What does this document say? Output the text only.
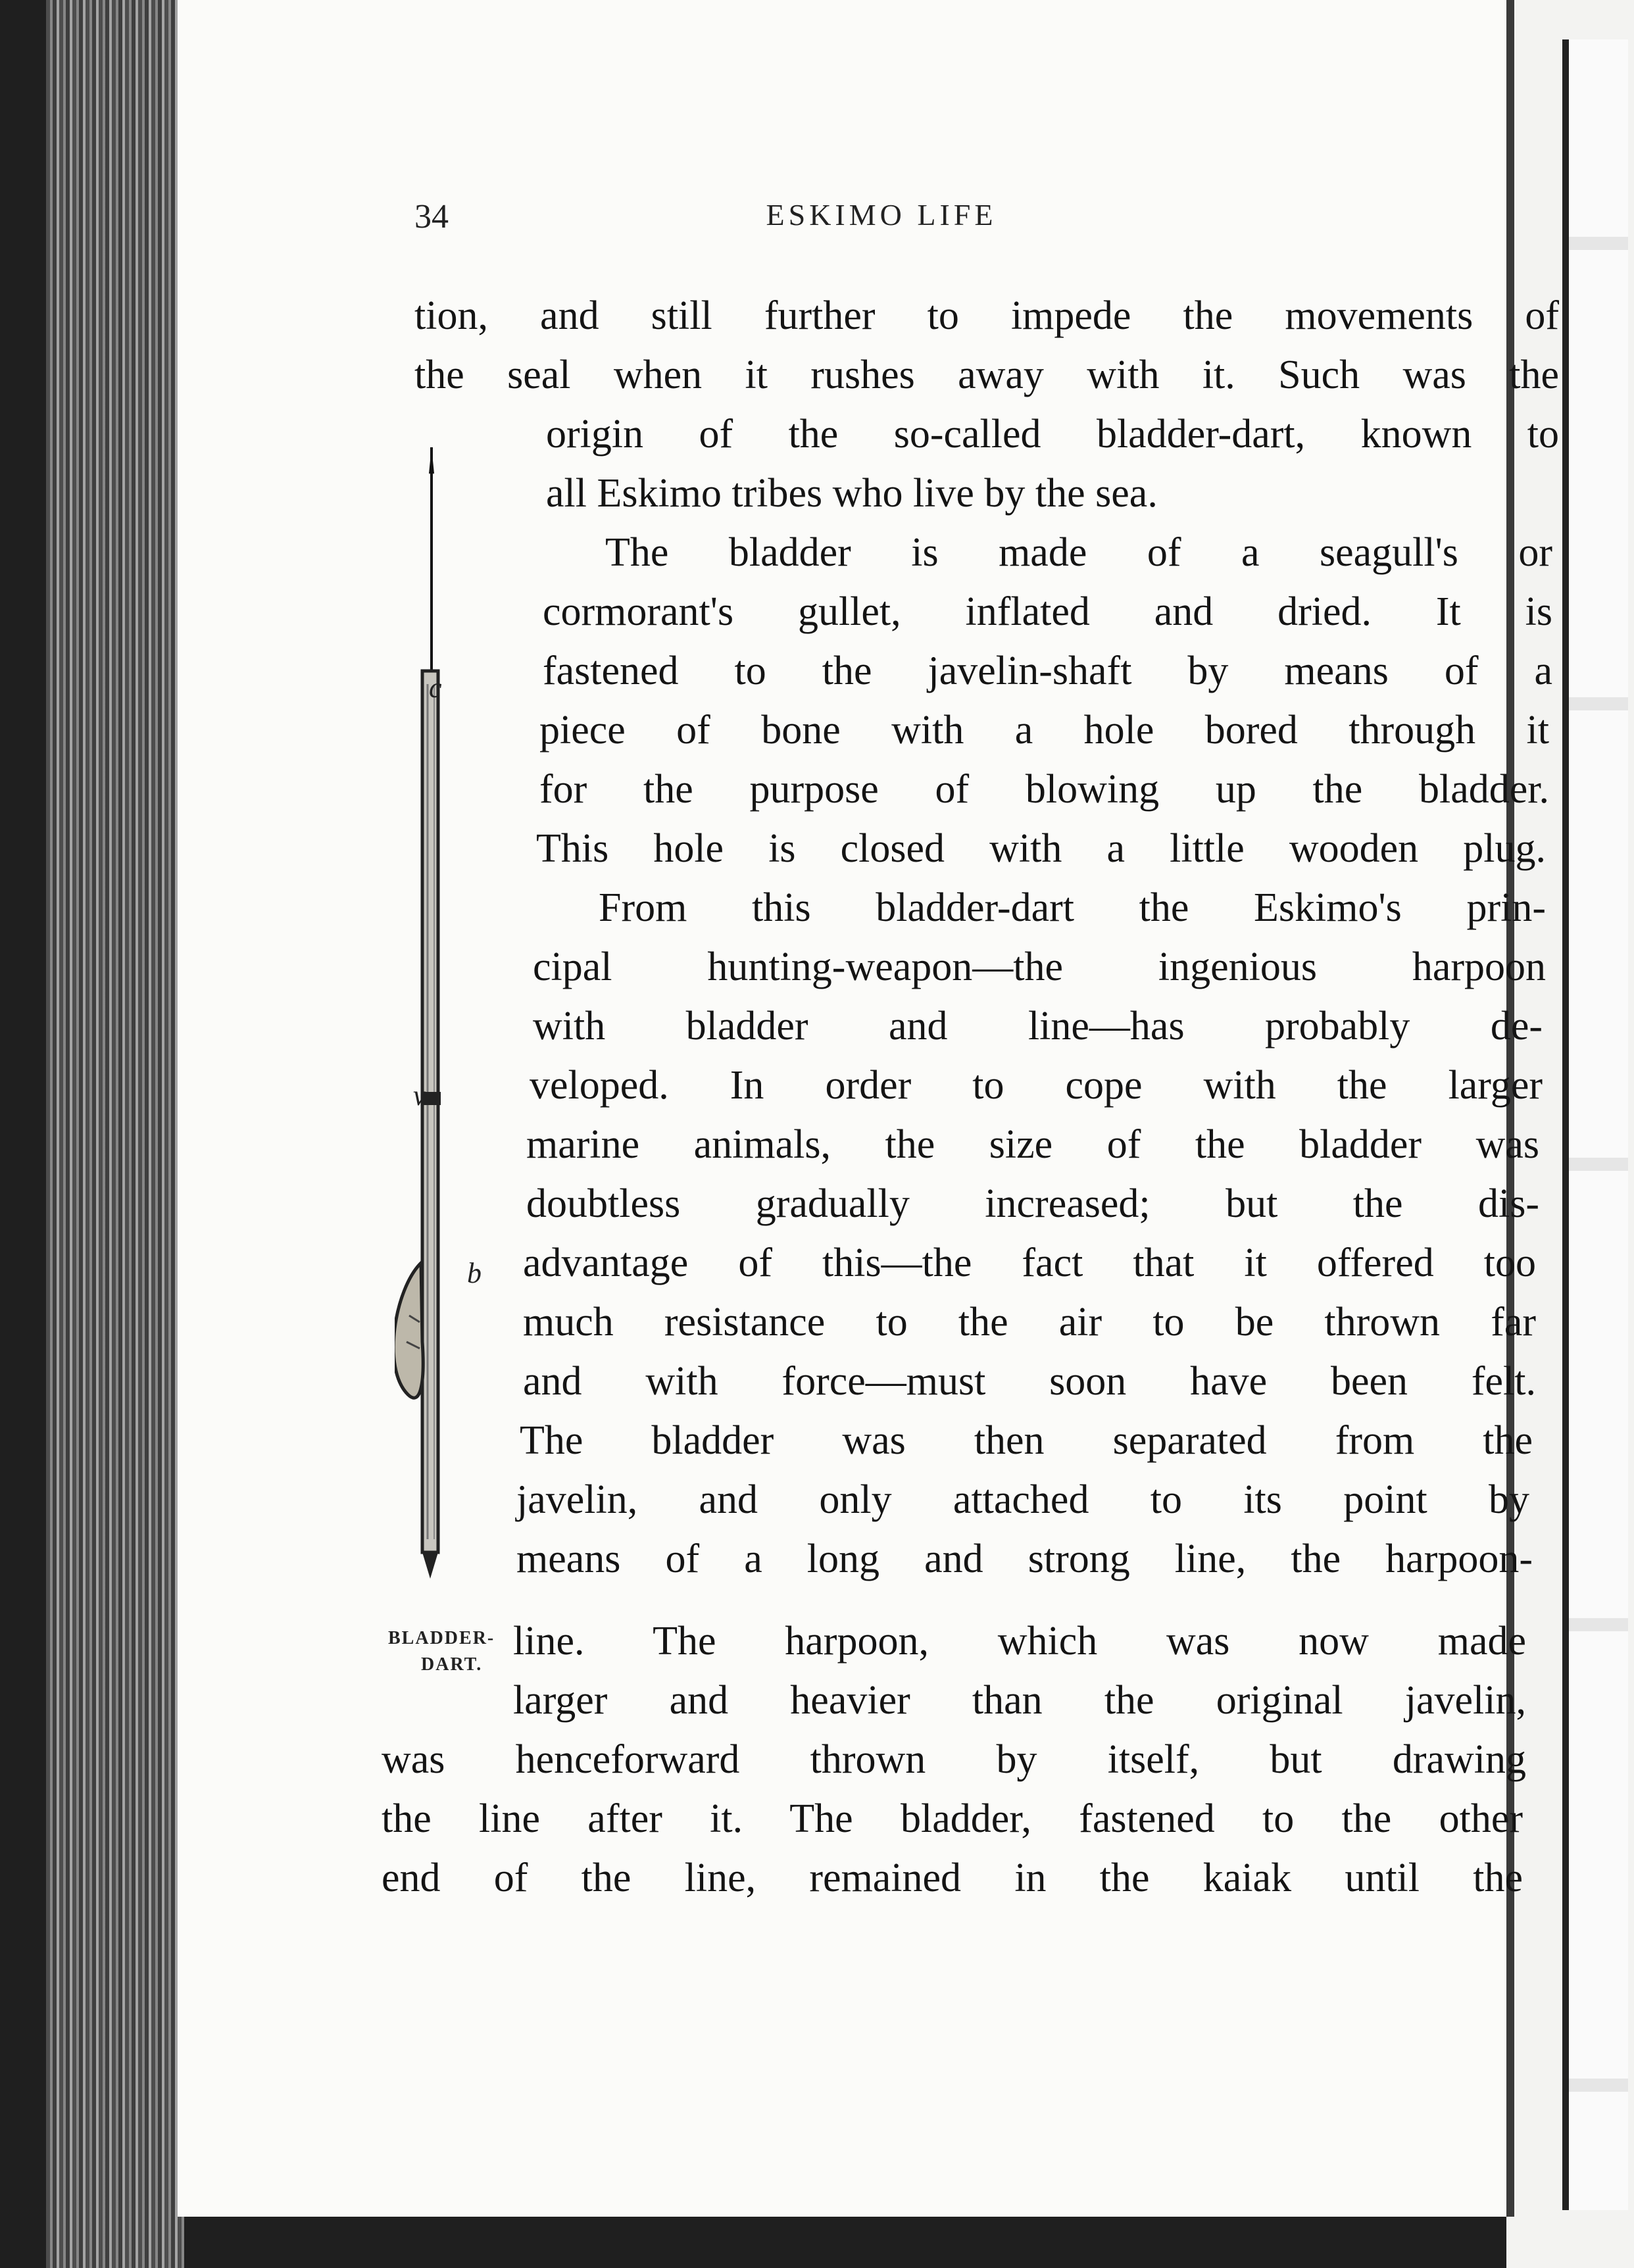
34	ESKIMO LIFE
c
v
b
BLADDER-
DART.
tion, and still further to impede the movements of
the seal when it rushes away with it. Such was the
origin of the so-called bladder-dart, known to
all Eskimo tribes who live by the sea.
The bladder is made of a seagull's or
cormorant's gullet, inflated and dried. It is
fastened to the javelin-shaft by means of a
piece of bone with a hole bored through it
for the purpose of blowing up the bladder.
This hole is closed with a little wooden plug.
From this bladder-dart the Eskimo's prin-
cipal hunting-weapon—the ingenious harpoon
with bladder and line—has probably de-
veloped. In order to cope with the larger
marine animals, the size of the bladder was
doubtless gradually increased; but the dis-
advantage of this—the fact that it offered too
much resistance to the air to be thrown far
and with force—must soon have been felt.
The bladder was then separated from the
javelin, and only attached to its point by
means of a long and strong line, the harpoon-
line. The harpoon, which was now made
larger and heavier than the original javelin,
was henceforward thrown by itself, but drawing
the line after it. The bladder, fastened to the other
end of the line, remained in the kaiak until the
